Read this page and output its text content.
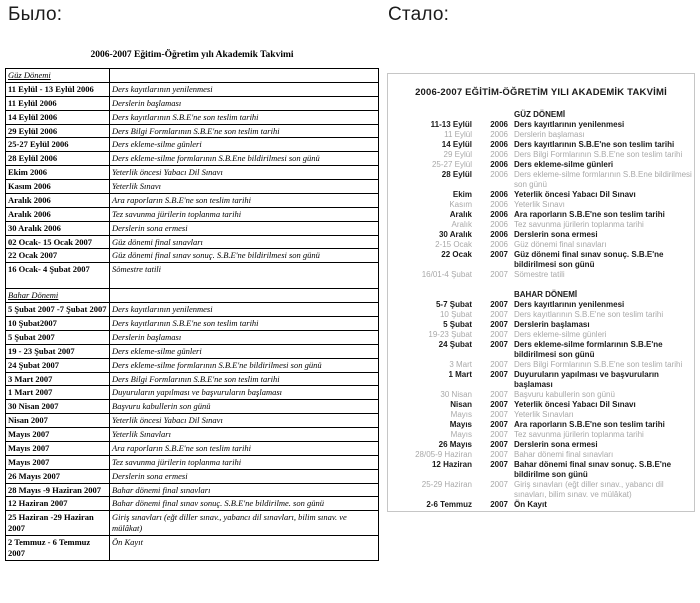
Было:	Стало:
2006-2007 Eğitim-Öğretim yılı Akademik Takvimi
Güz Dönemi	
11 Eylül - 13 Eylül 2006	Ders kayıtlarının yenilenmesi
11 Eylül 2006	Derslerin başlaması
14 Eylül 2006	Ders kayıtlarının S.B.E'ne son teslim tarihi
29 Eylül 2006	Ders Bilgi Formlarının S.B.E'ne son teslim tarihi
25-27 Eylül 2006	Ders ekleme-silme günleri
28 Eylül 2006	Ders ekleme-silme formlarının S.B.Ene bildirilmesi son günü
Ekim 2006	Yeterlik öncesi Yabacı Dil Sınavı
Kasım 2006	Yeterlik Sınavı
Aralık 2006	Ara raporların S.B.E'ne son teslim tarihi
Aralık 2006	Tez savunma jürilerin toplanma tarihi
30 Aralık 2006	Derslerin sona ermesi
02 Ocak- 15 Ocak 2007	Güz dönemi final sınavları
22 Ocak 2007	Güz dönemi final sınav sonuç. S.B.E'ne bildirilmesi son günü
16 Ocak- 4 Şubat 2007	Sömestre tatili
Bahar Dönemi	
5 Şubat 2007 -7 Şubat 2007	Ders kayıtlarının yenilenmesi
10 Şubat2007	Ders kayıtlarının S.B.E'ne son teslim tarihi
5 Şubat 2007	Derslerin başlaması
19 - 23 Şubat 2007	Ders ekleme-silme günleri
24 Şubat 2007	Ders ekleme-silme formlarının S.B.E'ne bildirilmesi son günü
3 Mart 2007	Ders Bilgi Formlarının S.B.E'ne son teslim tarihi
1 Mart 2007	Duyuruların yapılması ve başvuruların başlaması
30 Nisan 2007	Başvuru kabullerin son günü
Nisan 2007	Yeterlik öncesi Yabacı Dil Sınavı
Mayıs 2007	Yeterlik Sınavları
Mayıs 2007	Ara raporların S.B.E'ne son teslim tarihi
Mayıs 2007	Tez savunma jürilerin toplanma tarihi
26 Mayıs 2007	Derslerin sona ermesi
28 Mayıs -9 Haziran 2007	Bahar dönemi final sınavları
12 Haziran 2007	Bahar dönemi final sınav sonuç. S.B.E'ne bildirilme. son günü
25 Haziran -29 Haziran 2007	Giriş sınavları (eğt diller sınav., yabancı dil sınavları, bilim sınav. ve mülâkat)
2 Temmuz - 6 Temmuz 2007	Ön Kayıt
2006-2007 EĞİTİM-ÖĞRETİM YILI AKADEMİK TAKVİMİ
GÜZ DÖNEMİ
11-13 Eylül	2006 Ders kayıtlarının yenilenmesi
11 Eylül	2006 Derslerin başlaması
14 Eylül	2006 Ders kayıtlarının S.B.E'ne son teslim tarihi
29 Eylül	2006 Ders Bilgi Formlarının S.B.E'ne son teslim tarihi
25-27 Eylül	2006 Ders ekleme-silme günleri
28 Eylül	2006 Ders ekleme-silme formlarının S.B.Ene bildirilmesi son günü
Ekim	2006 Yeterlik öncesi Yabacı Dil Sınavı
Kasım	2006 Yeterlik Sınavı
Aralık	2006 Ara raporların S.B.E'ne son teslim tarihi
Aralık	2006 Tez savunma jürilerin toplanma tarihi
30 Aralık	2006 Derslerin sona ermesi
2-15 Ocak	2006 Güz dönemi final sınavları
22 Ocak	2007 Güz dönemi final sınav sonuç. S.B.E'ne bildirilmesi son günü
16/01-4 Şubat	2007 Sömestre tatili
BAHAR DÖNEMİ
5-7 Şubat	2007 Ders kayıtlarının yenilenmesi
10 Şubat	2007 Ders kayıtlarının S.B.E'ne son teslim tarihi
5 Şubat	2007 Derslerin başlaması
19-23 Şubat	2007 Ders ekleme-silme günleri
24 Şubat	2007 Ders ekleme-silme formlarının S.B.E'ne bildirilmesi son günü
3 Mart	2007 Ders Bilgi Formlarının S.B.E'ne son teslim tarihi
1 Mart	2007 Duyuruların yapılması ve başvuruların başlaması
30 Nisan	2007 Başvuru kabullerin son günü
Nisan	2007 Yeterlik öncesi Yabacı Dil Sınavı
Mayıs	2007 Yeterlik Sınavları
Mayıs	2007 Ara raporların S.B.E'ne son teslim tarihi
Mayıs	2007 Tez savunma jürilerin toplanma tarihi
26 Mayıs	2007 Derslerin sona ermesi
28/05-9 Haziran	2007 Bahar dönemi final sınavları
12 Haziran	2007 Bahar dönemi final sınav sonuç. S.B.E'ne bildirilme son günü
25-29 Haziran	2007 Giriş sınavları (eğt diller sınav., yabancı dil sınavları, bilim sınav. ve mülâkat)
2-6 Temmuz	2007 Ön Kayıt
